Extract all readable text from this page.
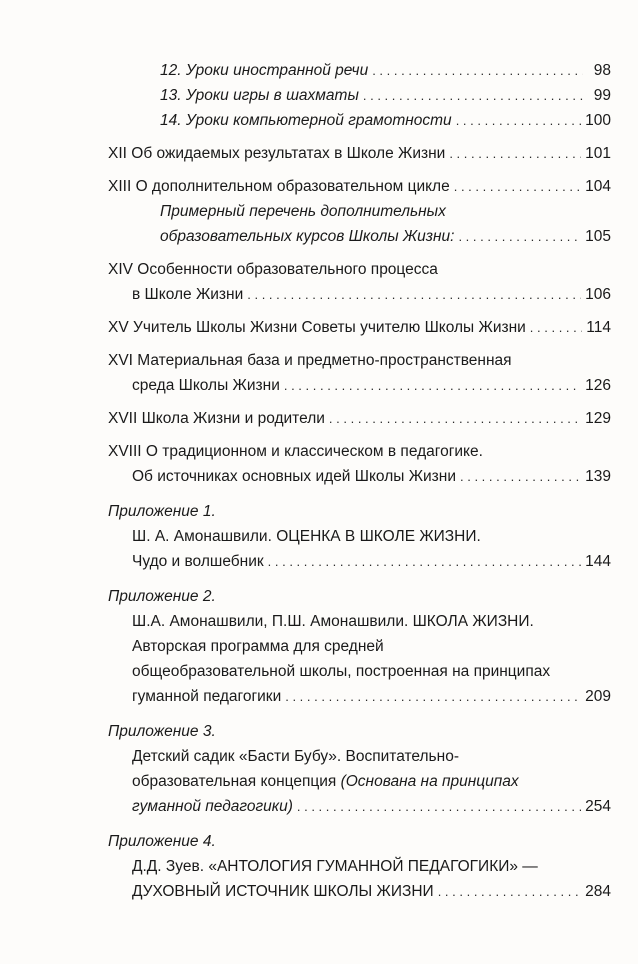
12. Уроки иностранной речи . . .	98
13. Уроки игры в шахматы . . .	99
14. Уроки компьютерной грамотности . . .	100
XII Об ожидаемых результатах в Школе Жизни . . .	101
XIII О дополнительном образовательном цикле . . .	104
Примерный перечень дополнительных
образовательных курсов Школы Жизни: . . .	105
XIV Особенности образовательного процесса
в Школе Жизни . . .	106
XV Учитель Школы Жизни Советы учителю Школы Жизни . . .	114
XVI Материальная база и предметно-пространственная
среда Школы Жизни . . .	126
XVII Школа Жизни и родители . . .	129
XVIII О традиционном и классическом в педагогике.
Об источниках основных идей Школы Жизни . . .	139
Приложение 1.
Ш. А. Амонашвили. ОЦЕНКА В ШКОЛЕ ЖИЗНИ.
Чудо и волшебник . . .	144
Приложение 2.
Ш.А. Амонашвили, П.Ш. Амонашвили. ШКОЛА ЖИЗНИ.
Авторская программа для средней
общеобразовательной школы, построенная на принципах
гуманной педагогики . . .	209
Приложение 3.
Детский садик «Басти Бубу». Воспитательно-
образовательная концепция
(Основана на принципах
гуманной педагогики) . . .	254
Приложение 4.
Д.Д. Зуев. «АНТОЛОГИЯ ГУМАННОЙ ПЕДАГОГИКИ» —
ДУХОВНЫЙ ИСТОЧНИК ШКОЛЫ ЖИЗНИ . . .	284
